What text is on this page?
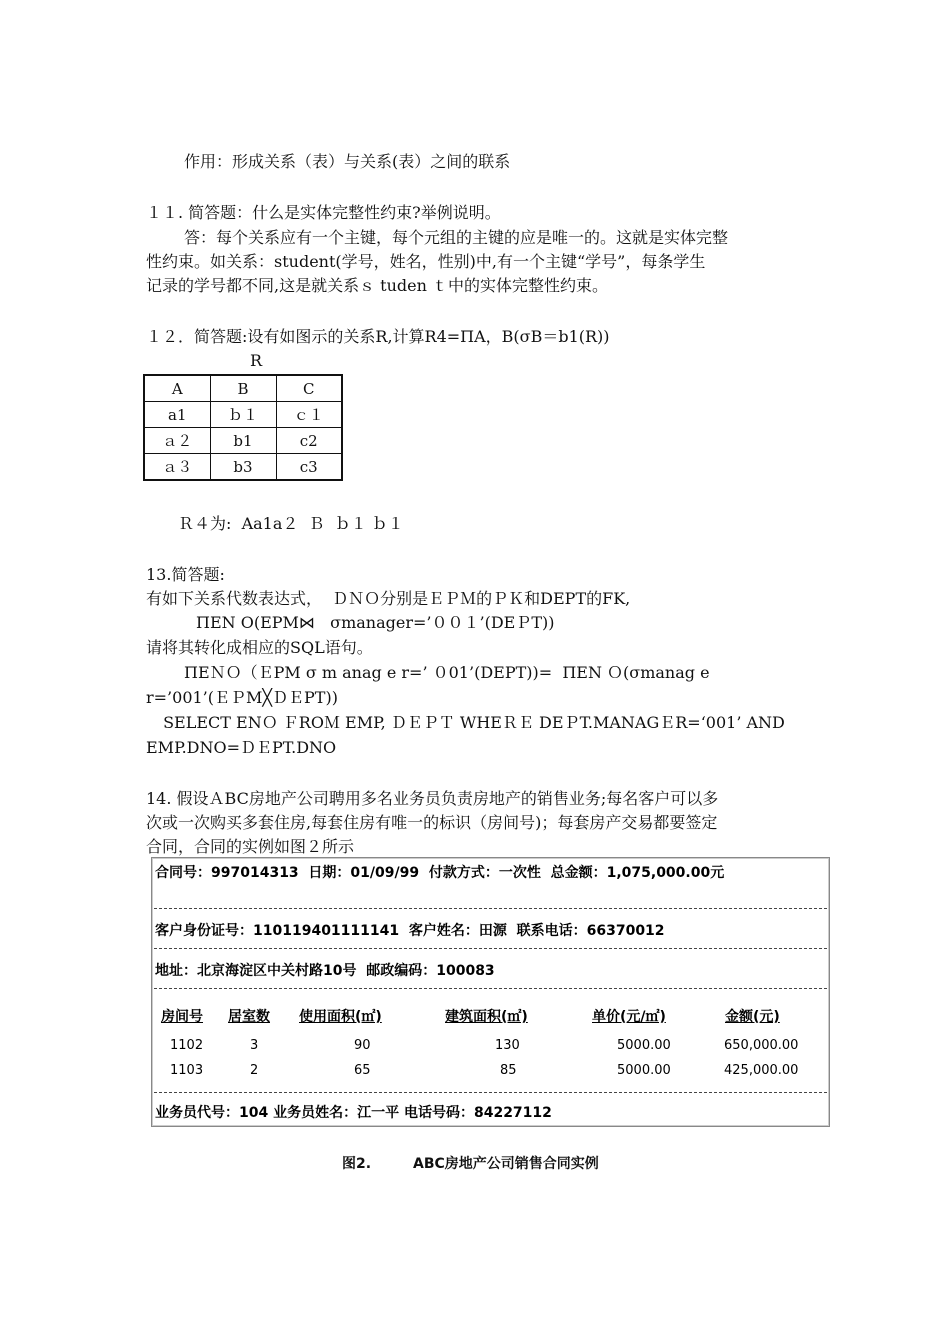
作用：形成关系（表）与关系(表）之间的联系
１１. 简答题：什么是实体完整性约束?举例说明。
答：每个关系应有一个主键，每个元组的主键的应是唯一的。这就是实体完整
性约束。如关系：student(学号，姓名，性别)中,有一个主键“学号”，每条学生
记录的学号都不同,这是就关系ｓ tuden ｔ中的实体完整性约束。
１２．简答题:设有如图示的关系R,计算R4=ΠA，B(σB＝b1(R))
R
A	B	C
a1	ｂ１	ｃ１
ａ２	b1	c2
ａ３	b3	c3
Ｒ４为:  Aa1a２  Ｂ  ｂ１ ｂ１
13.简答题:
有如下关系代数表达式，  ＤＮＯ分别是ＥＰＭ的ＰＫ和DEPT的FK,
ΠEN O(EPM⋈   σmanager=’００１’(DEＰT))
请将其转化成相应的SQL语句。
ΠEＮＯ（ＥPM σ m anag e r=’ ０01’(DEPT))=  ΠEN Ｏ(σmanag e
r=’001’(ＥＰM╳ＤＥPT))
SELECT ENＯ ＦROＭ EMP, ＤＥＰＴ WHEＲＥ DEＰT.MANAGＥR=‘001’ AND
EMP.DNO=ＤＥPT.DNO
14. 假设ＡBC房地产公司聘用多名业务员负责房地产的销售业务;每名客户可以多
次或一次购买多套住房,每套住房有唯一的标识（房间号)；每套房产交易都要签定
合同，合同的实例如图２所示
合同号：997014313  日期：01/09/99  付款方式：一次性  总金额：1,075,000.00元
客户身份证号：110119401111141  客户姓名：田源  联系电话：66370012
地址：北京海淀区中关村路10号  邮政编码：100083
房间号 居室数 使用面积(㎡)	建筑面积(㎡)	单价(元/㎡)	金额(元)
1102	3	90	130	5000.00	650,000.00
1103	2	65	85	5000.00	425,000.00
业务员代号：104 业务员姓名：江一平 电话号码：84227112
图2.	ABC房地产公司销售合同实例
